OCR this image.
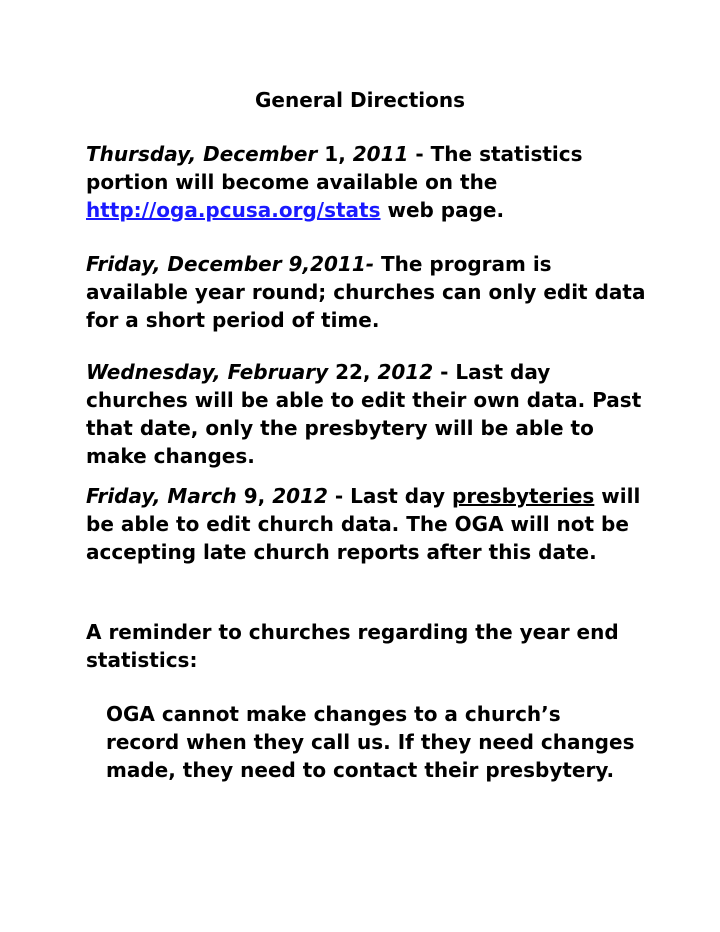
General Directions
Thursday, December 1, 2011 - The statistics portion will become available on the http://oga.pcusa.org/stats web page.
Friday, December 9,2011- The program is available year round; churches can only edit data for a short period of time.
Wednesday, February 22, 2012 - Last day churches will be able to edit their own data. Past that date, only the presbytery will be able to make changes.
Friday, March 9, 2012 - Last day presbyteries will be able to edit church data. The OGA will not be accepting late church reports after this date.
A reminder to churches regarding the year end statistics:
OGA cannot make changes to a church’s record when they call us. If they need changes made, they need to contact their presbytery.
